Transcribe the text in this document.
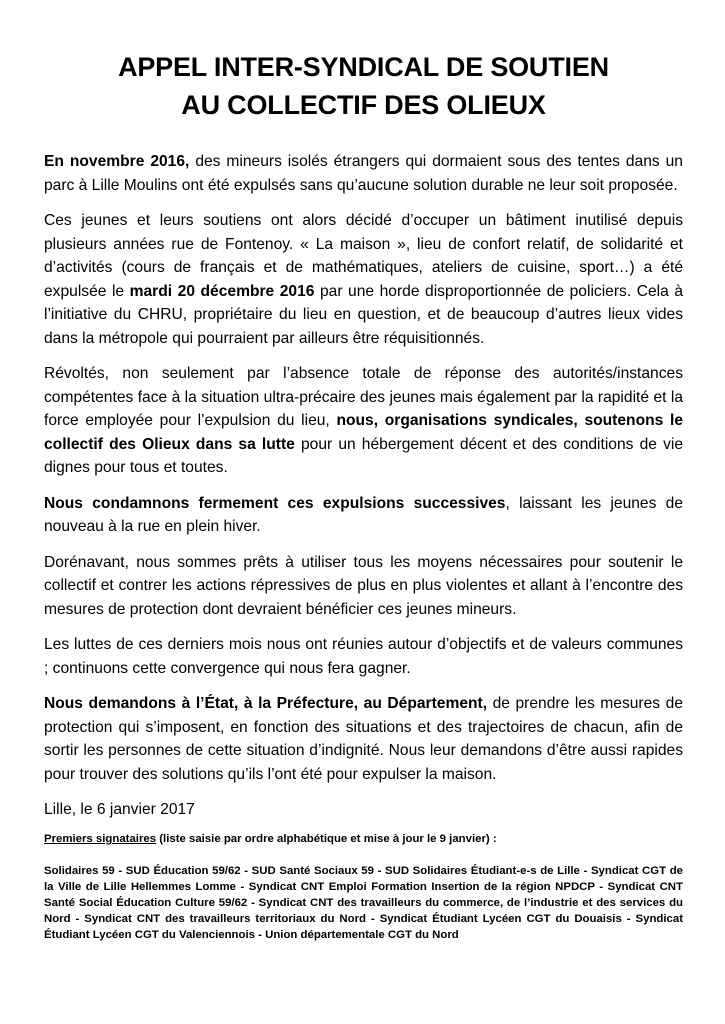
APPEL INTER-SYNDICAL DE SOUTIEN
AU COLLECTIF DES OLIEUX

En novembre 2016, des mineurs isolés étrangers qui dormaient sous des tentes dans un parc à Lille Moulins ont été expulsés sans qu’aucune solution durable ne leur soit proposée.

Ces jeunes et leurs soutiens ont alors décidé d’occuper un bâtiment inutilisé depuis plusieurs années rue de Fontenoy. « La maison », lieu de confort relatif, de solidarité et d’activités (cours de français et de mathématiques, ateliers de cuisine, sport…) a été expulsée le mardi 20 décembre 2016 par une horde disproportionnée de policiers. Cela à l’initiative du CHRU, propriétaire du lieu en question, et de beaucoup d’autres lieux vides dans la métropole qui pourraient par ailleurs être réquisitionnés.

Révoltés, non seulement par l’absence totale de réponse des autorités/instances compétentes face à la situation ultra-précaire des jeunes mais également par la rapidité et la force employée pour l’expulsion du lieu, nous, organisations syndicales, soutenons le collectif des Olieux dans sa lutte pour un hébergement décent et des conditions de vie dignes pour tous et toutes.

Nous condamnons fermement ces expulsions successives, laissant les jeunes de nouveau à la rue en plein hiver.

Dorénavant, nous sommes prêts à utiliser tous les moyens nécessaires pour soutenir le collectif et contrer les actions répressives de plus en plus violentes et allant à l’encontre des mesures de protection dont devraient bénéficier ces jeunes mineurs.

Les luttes de ces derniers mois nous ont réunies autour d’objectifs et de valeurs communes ; continuons cette convergence qui nous fera gagner.

Nous demandons à l’État, à la Préfecture, au Département, de prendre les mesures de protection qui s’imposent, en fonction des situations et des trajectoires de chacun, afin de sortir les personnes de cette situation d’indignité. Nous leur demandons d’être aussi rapides pour trouver des solutions qu’ils l’ont été pour expulser la maison.

Lille, le 6 janvier 2017

Premiers signataires (liste saisie par ordre alphabétique et mise à jour le 9 janvier) :

Solidaires 59 - SUD Éducation 59/62 - SUD Santé Sociaux 59 - SUD Solidaires Étudiant-e-s de Lille - Syndicat CGT de la Ville de Lille Hellemmes Lomme - Syndicat CNT Emploi Formation Insertion de la région NPDCP - Syndicat CNT Santé Social Éducation Culture 59/62 - Syndicat CNT des travailleurs du commerce, de l’industrie et des services du Nord - Syndicat CNT des travailleurs territoriaux du Nord - Syndicat Étudiant Lycéen CGT du Douaisis - Syndicat Étudiant Lycéen CGT du Valenciennois - Union départementale CGT du Nord
